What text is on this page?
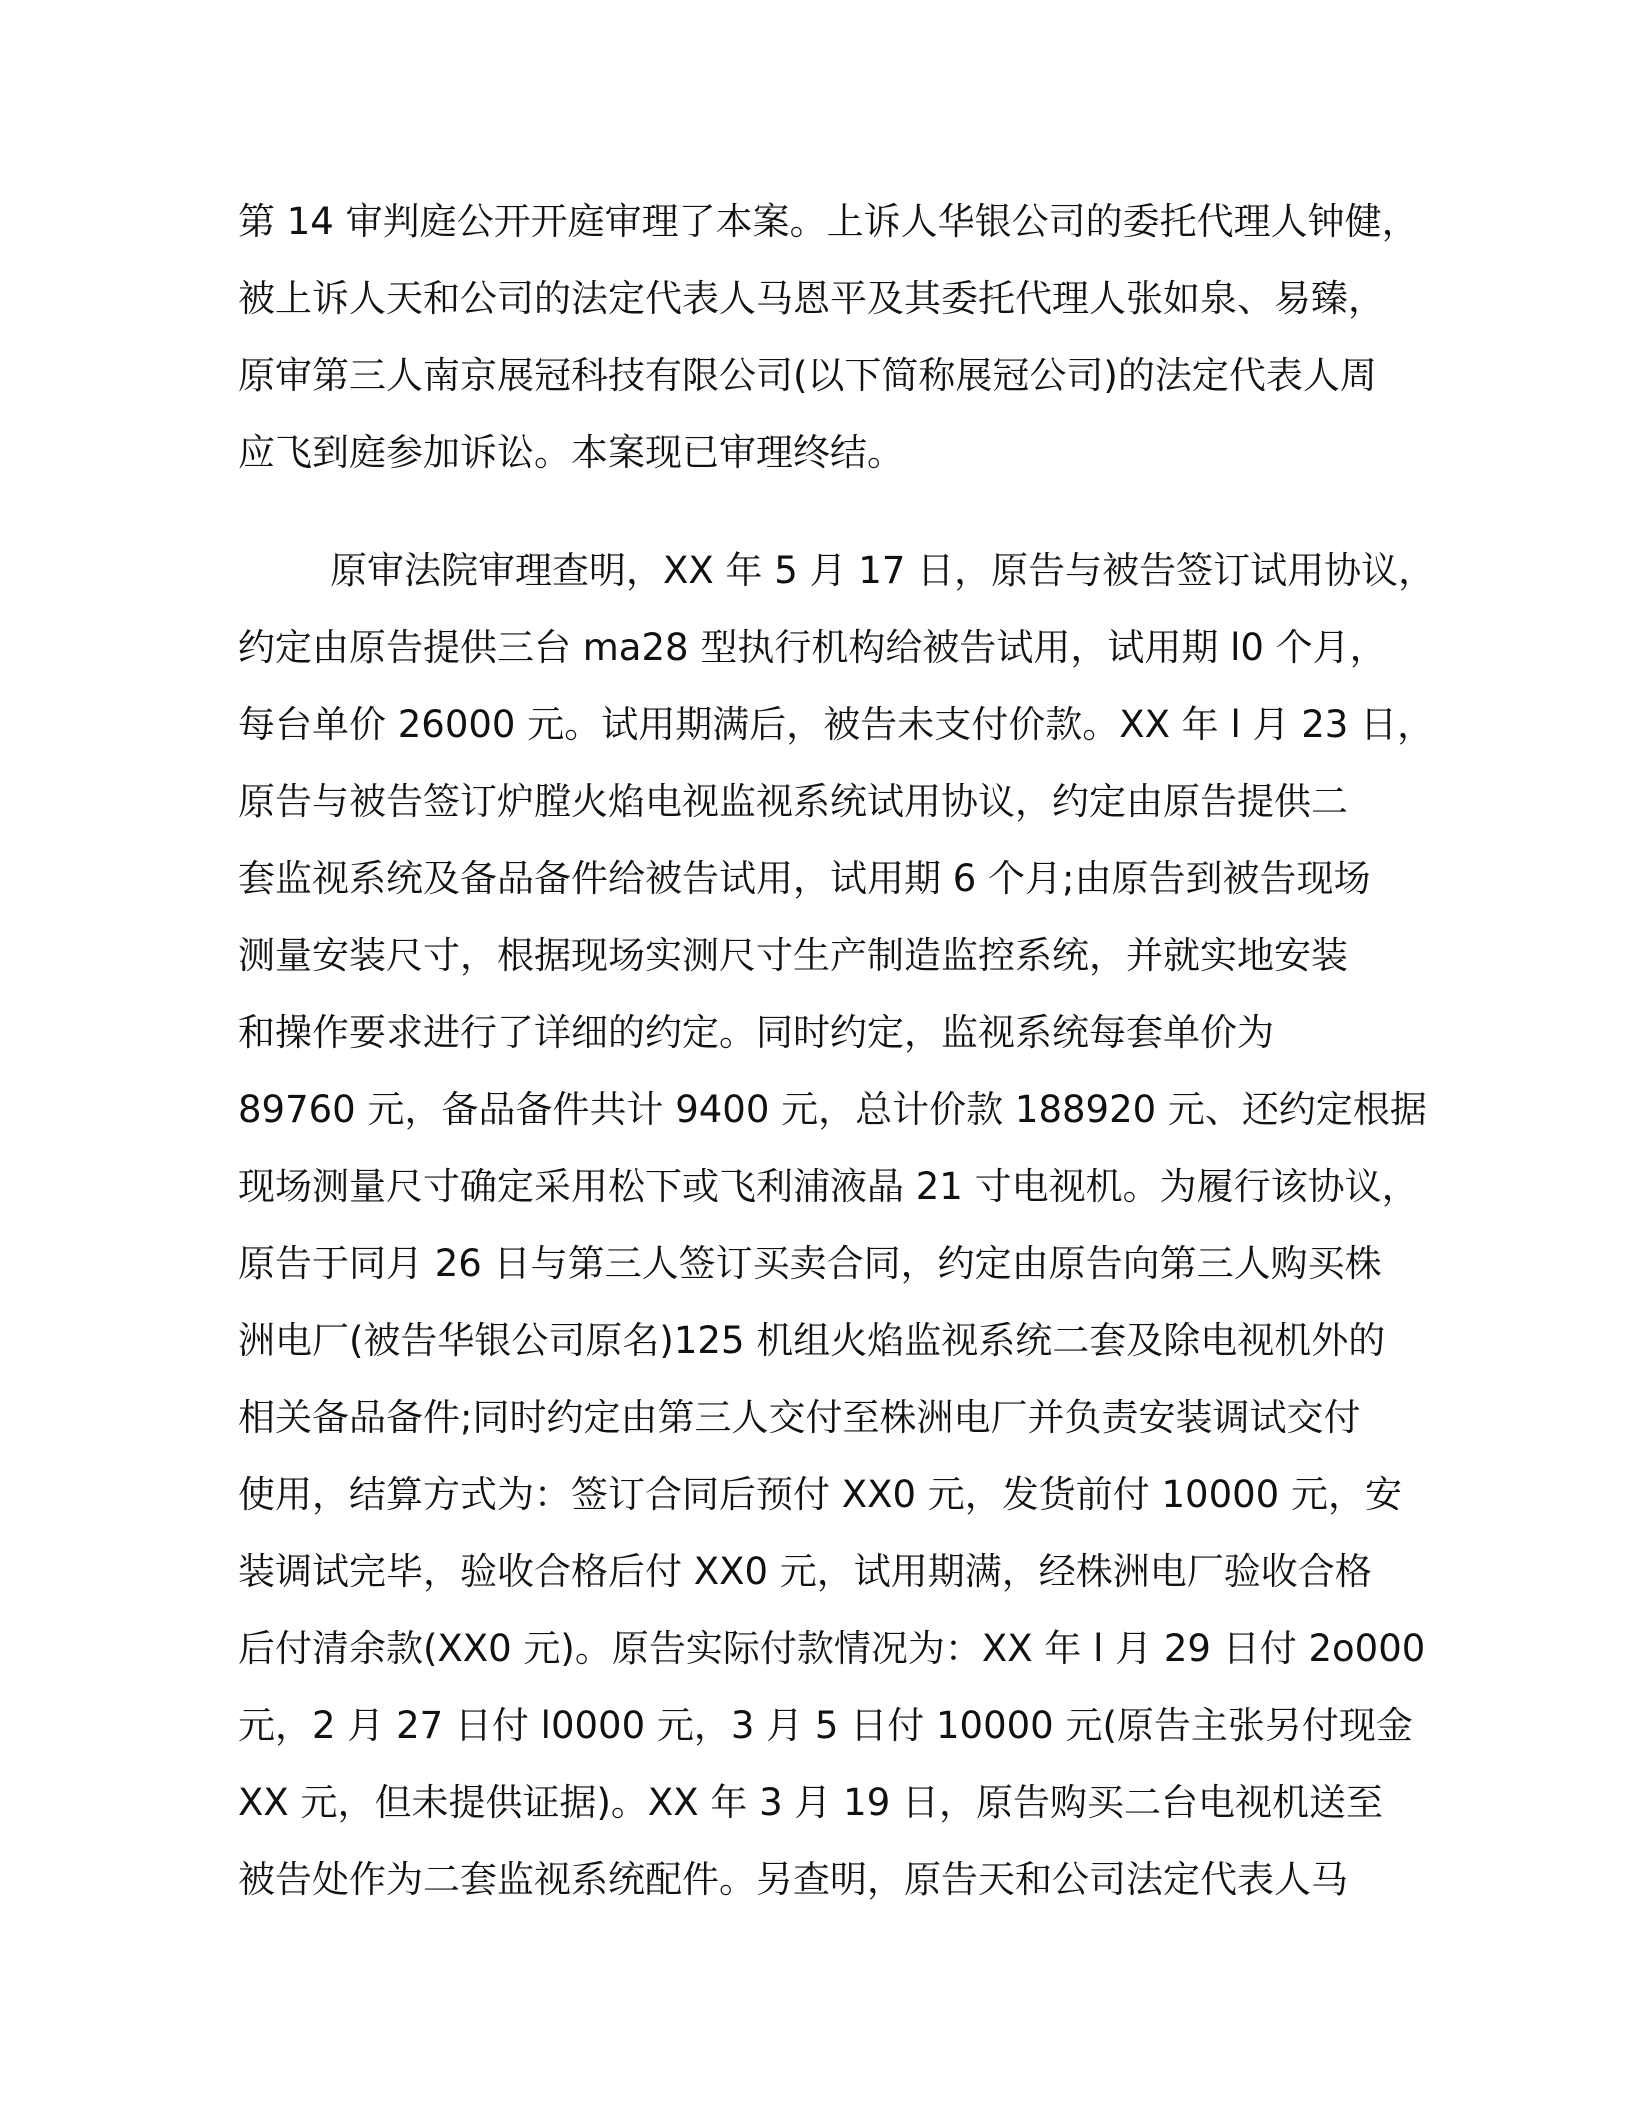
第 14 审判庭公开开庭审理了本案。上诉人华银公司的委托代理人钟健，
被上诉人天和公司的法定代表人马恩平及其委托代理人张如泉、易臻，
原审第三人南京展冠科技有限公司(以下简称展冠公司)的法定代表人周
应飞到庭参加诉讼。本案现已审理终结。
原审法院审理查明，XX 年 5 月 17 日，原告与被告签订试用协议，
约定由原告提供三台 ma28 型执行机构给被告试用，试用期 l0 个月，
每台单价 26000 元。试用期满后，被告未支付价款。XX 年 l 月 23 日，
原告与被告签订炉膛火焰电视监视系统试用协议，约定由原告提供二
套监视系统及备品备件给被告试用，试用期 6 个月;由原告到被告现场
测量安装尺寸，根据现场实测尺寸生产制造监控系统，并就实地安装
和操作要求进行了详细的约定。同时约定，监视系统每套单价为
89760 元，备品备件共计 9400 元，总计价款 188920 元、还约定根据
现场测量尺寸确定采用松下或飞利浦液晶 21 寸电视机。为履行该协议，
原告于同月 26 日与第三人签订买卖合同，约定由原告向第三人购买株
洲电厂(被告华银公司原名)125 机组火焰监视系统二套及除电视机外的
相关备品备件;同时约定由第三人交付至株洲电厂并负责安装调试交付
使用，结算方式为：签订合同后预付 XX0 元，发货前付 10000 元，安
装调试完毕，验收合格后付 XX0 元，试用期满，经株洲电厂验收合格
后付清余款(XX0 元)。原告实际付款情况为：XX 年 l 月 29 日付 2o000
元，2 月 27 日付 l0000 元，3 月 5 日付 10000 元(原告主张另付现金
XX 元，但未提供证据)。XX 年 3 月 19 日，原告购买二台电视机送至
被告处作为二套监视系统配件。另查明，原告天和公司法定代表人马
